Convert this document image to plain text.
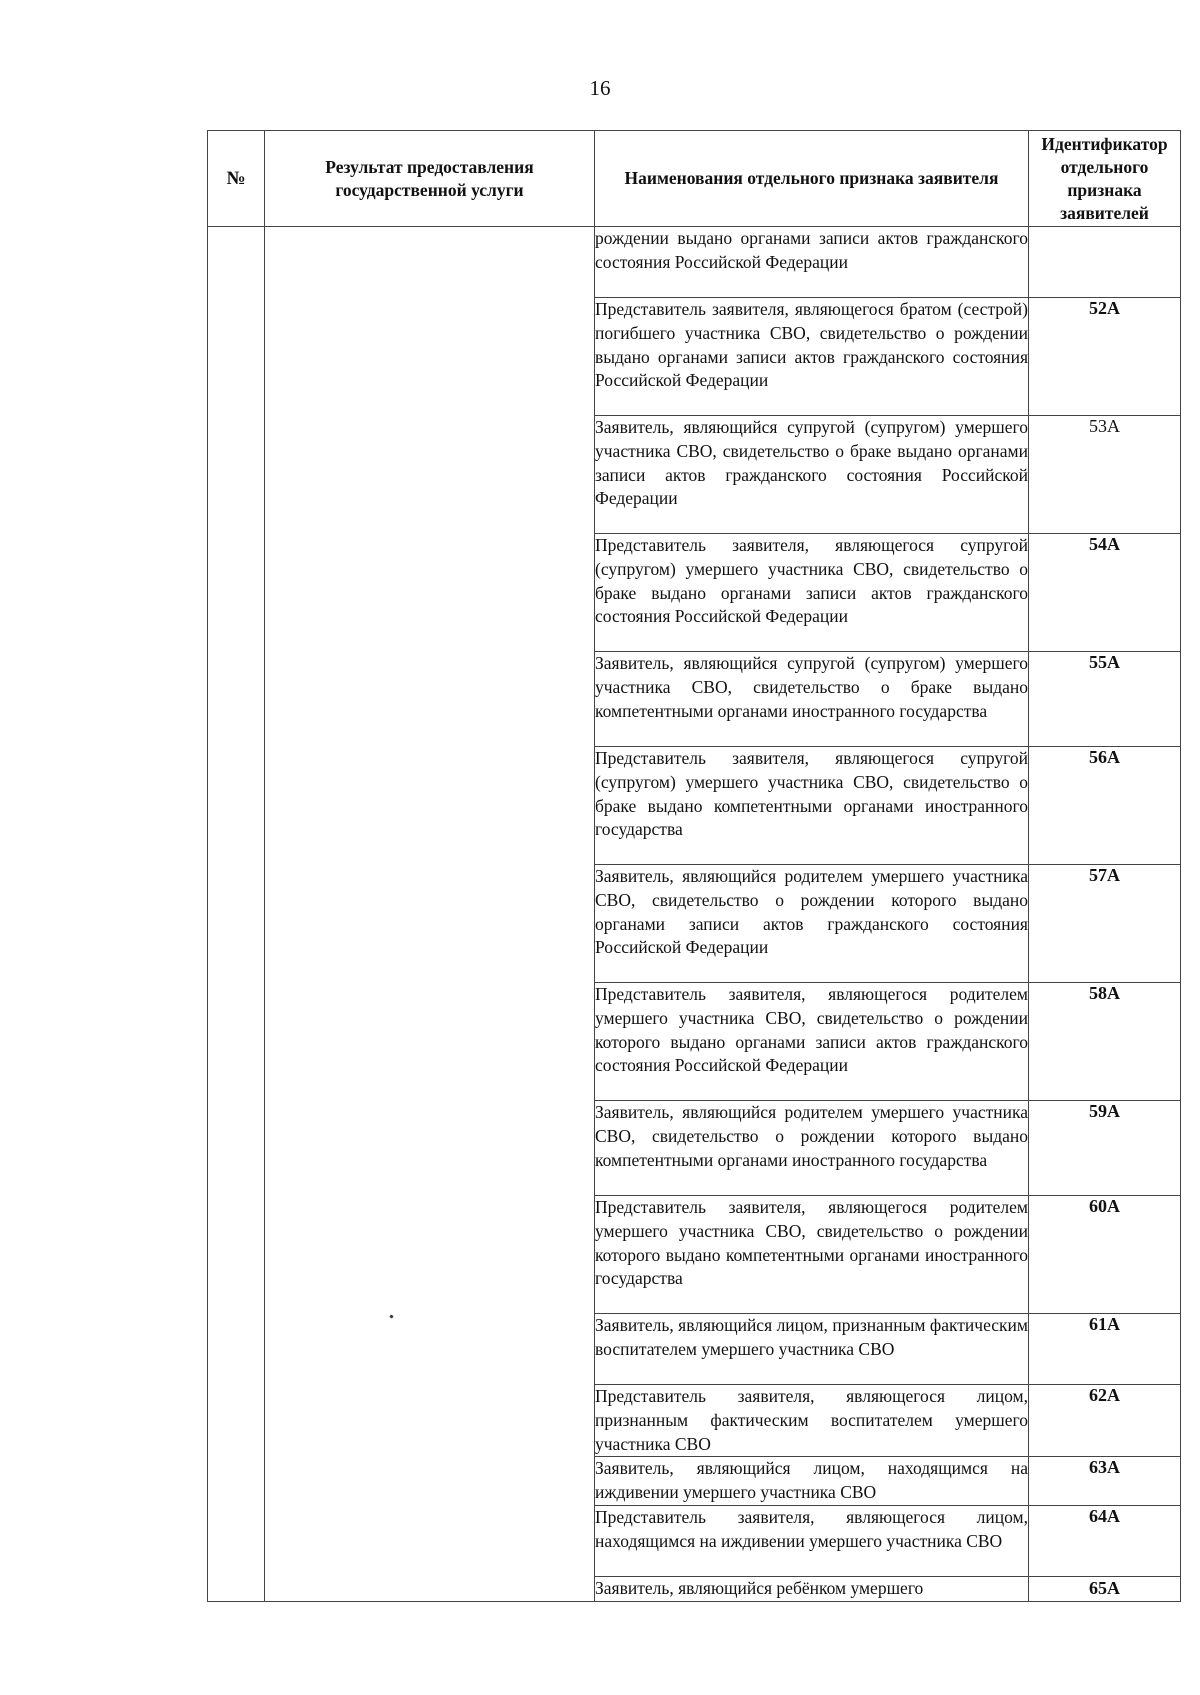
16
№	Результат предоставления государственной услуги	Наименования отдельного признака заявителя	Идентификатор отдельного признака заявителей
		рождении выдано органами записи актов гражданского состояния Российской Федерации	
		Представитель заявителя, являющегося братом (сестрой) погибшего участника СВО, свидетельство о рождении выдано органами записи актов гражданского состояния Российской Федерации	52А
		Заявитель, являющийся супругой (супругом) умершего участника СВО, свидетельство о браке выдано органами записи актов гражданского состояния Российской Федерации	53А
		Представитель заявителя, являющегося супругой (супругом) умершего участника СВО, свидетельство о браке выдано органами записи актов гражданского состояния Российской Федерации	54А
		Заявитель, являющийся супругой (супругом) умершего участника СВО, свидетельство о браке выдано компетентными органами иностранного государства	55А
		Представитель заявителя, являющегося супругой (супругом) умершего участника СВО, свидетельство о браке выдано компетентными органами иностранного государства	56А
		Заявитель, являющийся родителем умершего участника СВО, свидетельство о рождении которого выдано органами записи актов гражданского состояния Российской Федерации	57А
		Представитель заявителя, являющегося родителем умершего участника СВО, свидетельство о рождении которого выдано органами записи актов гражданского состояния Российской Федерации	58А
		Заявитель, являющийся родителем умершего участника СВО, свидетельство о рождении которого выдано компетентными органами иностранного государства	59А
		Представитель заявителя, являющегося родителем умершего участника СВО, свидетельство о рождении которого выдано компетентными органами иностранного государства	60А
		Заявитель, являющийся лицом, признанным фактическим воспитателем умершего участника СВО	61А
		Представитель заявителя, являющегося лицом, признанным фактическим воспитателем умершего участника СВО	62А
		Заявитель, являющийся лицом, находящимся на иждивении умершего участника СВО	63А
		Представитель заявителя, являющегося лицом, находящимся на иждивении умершего участника СВО	64А
		Заявитель, являющийся ребёнком умершего	65А
